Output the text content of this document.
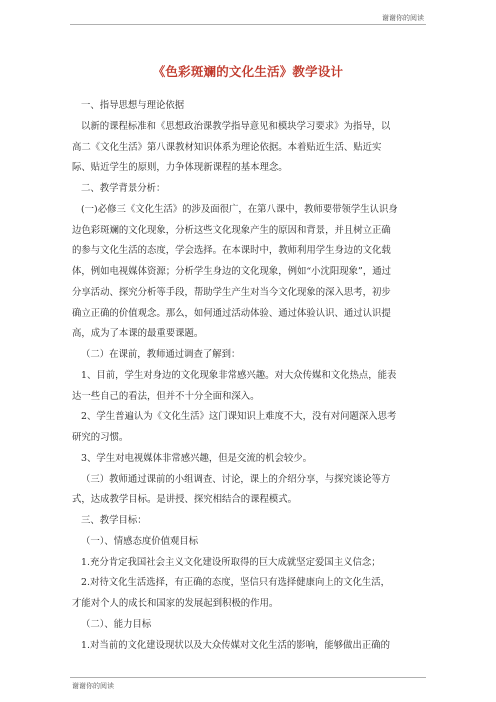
谢谢你的阅读
《色彩斑斓的文化生活》教学设计
一、指导思想与理论依据
以新的课程标准和《思想政治课教学指导意见和模块学习要求》为指导，以
高二《文化生活》第八课教材知识体系为理论依据。本着贴近生活、贴近实
际、贴近学生的原则，力争体现新课程的基本理念。
二、教学背景分析：
(一)必修三《文化生活》的涉及面很广，在第八课中，教师要带领学生认识身
边色彩斑斓的文化现象，分析这些文化现象产生的原因和背景，并且树立正确
的参与文化生活的态度，学会选择。在本课时中，教师利用学生身边的文化载
体，例如电视媒体资源；分析学生身边的文化现象，例如“小沈阳现象”，通过
分享活动、探究分析等手段，帮助学生产生对当今文化现象的深入思考，初步
确立正确的价值观念。那么，如何通过活动体验、通过体验认识、通过认识提
高，成为了本课的最重要课题。
（二）在课前，教师通过调查了解到：
1、目前，学生对身边的文化现象非常感兴趣。对大众传媒和文化热点，能表
达一些自己的看法，但并不十分全面和深入。
2、学生普遍认为《文化生活》这门课知识上难度不大，没有对问题深入思考
研究的习惯。
3、学生对电视媒体非常感兴趣，但是交流的机会较少。
（三）教师通过课前的小组调查、讨论，课上的介绍分享，与探究谈论等方
式，达成教学目标。是讲授、探究相结合的课程模式。
三、教学目标：
（一）、情感态度价值观目标
1.充分肯定我国社会主义文化建设所取得的巨大成就坚定爱国主义信念；
2.对待文化生活选择，有正确的态度，坚信只有选择健康向上的文化生活，
才能对个人的成长和国家的发展起到积极的作用。
（二）、能力目标
1.对当前的文化建设现状以及大众传媒对文化生活的影响，能够做出正确的
谢谢你的阅读
